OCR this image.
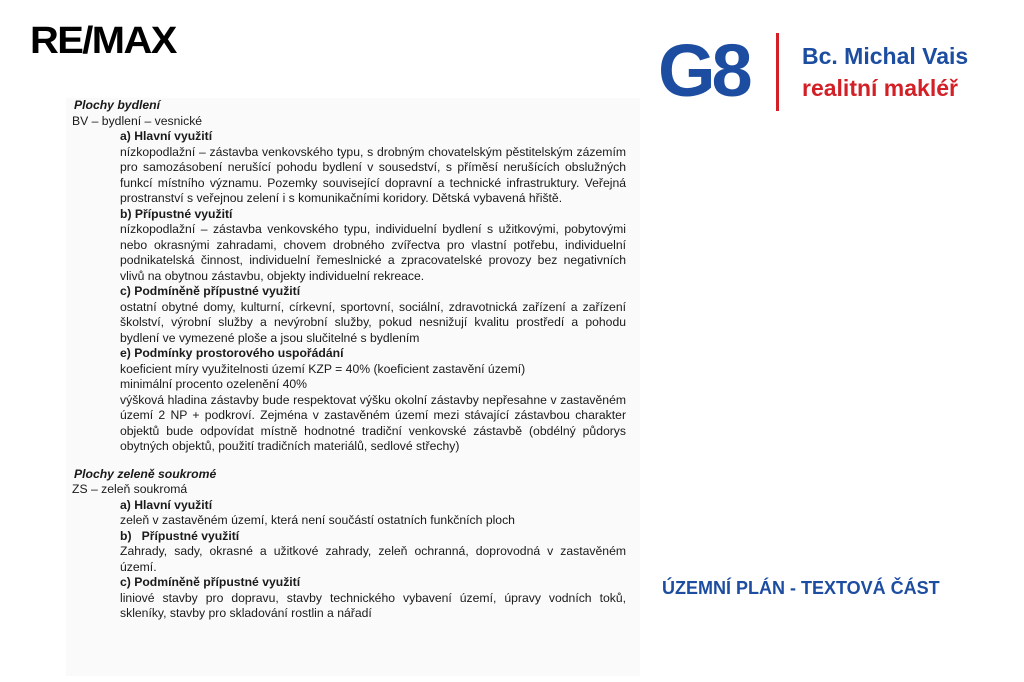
RE/MAX	G8 Bc. Michal Vais
realitní makléř

Plochy bydlení

BV – bydlení – vesnické

a) Hlavní využití

nízkopodlažní – zástavba venkovského typu, s drobným chovatelským pěstitelským zázemím pro samozásobení nerušící pohodu bydlení v sousedství, s příměsí nerušících obslužných funkcí místního významu. Pozemky související dopravní a technické infrastruktury. Veřejná prostranství s veřejnou zelení i s komunikačními koridory. Dětská vybavená hřiště.

b) Přípustné využití

nízkopodlažní – zástavba venkovského typu, individuelní bydlení s užitkovými, pobytovými nebo okrasnými zahradami, chovem drobného zvířectva pro vlastní potřebu, individuelní podnikatelská činnost, individuelní řemeslnické a zpracovatelské provozy bez negativních vlivů na obytnou zástavbu, objekty individuelní rekreace.

c) Podmíněně přípustné využití

ostatní obytné domy, kulturní, církevní, sportovní, sociální, zdravotnická zařízení a zařízení školství, výrobní služby a nevýrobní služby, pokud nesnižují kvalitu prostředí a pohodu bydlení ve vymezené ploše a jsou slučitelné s bydlením

e) Podmínky prostorového uspořádání

koeficient míry využitelnosti území KZP = 40% (koeficient zastavění území)

minimální procento ozelenění 40%

výšková hladina zástavby bude respektovat výšku okolní zástavby nepřesahne v zastavěném území 2 NP + podkroví. Zejména v zastavěném území mezi stávající zástavbou charakter objektů bude odpovídat místně hodnotné tradiční venkovské zástavbě (obdélný půdorys obytných objektů, použití tradičních materiálů, sedlové střechy)

Plochy zeleně soukromé

ZS – zeleň soukromá

a) Hlavní využití

zeleň v zastavěném území, která není součástí ostatních funkčních ploch

b)   Přípustné využití

Zahrady, sady, okrasné a užitkové zahrady, zeleň ochranná, doprovodná v zastavěném území.

c) Podmíněně přípustné využití

liniové stavby pro dopravu, stavby technického vybavení území, úpravy vodních toků, skleníky, stavby pro skladování rostlin a nářadí

ÚZEMNÍ PLÁN - TEXTOVÁ ČÁST
